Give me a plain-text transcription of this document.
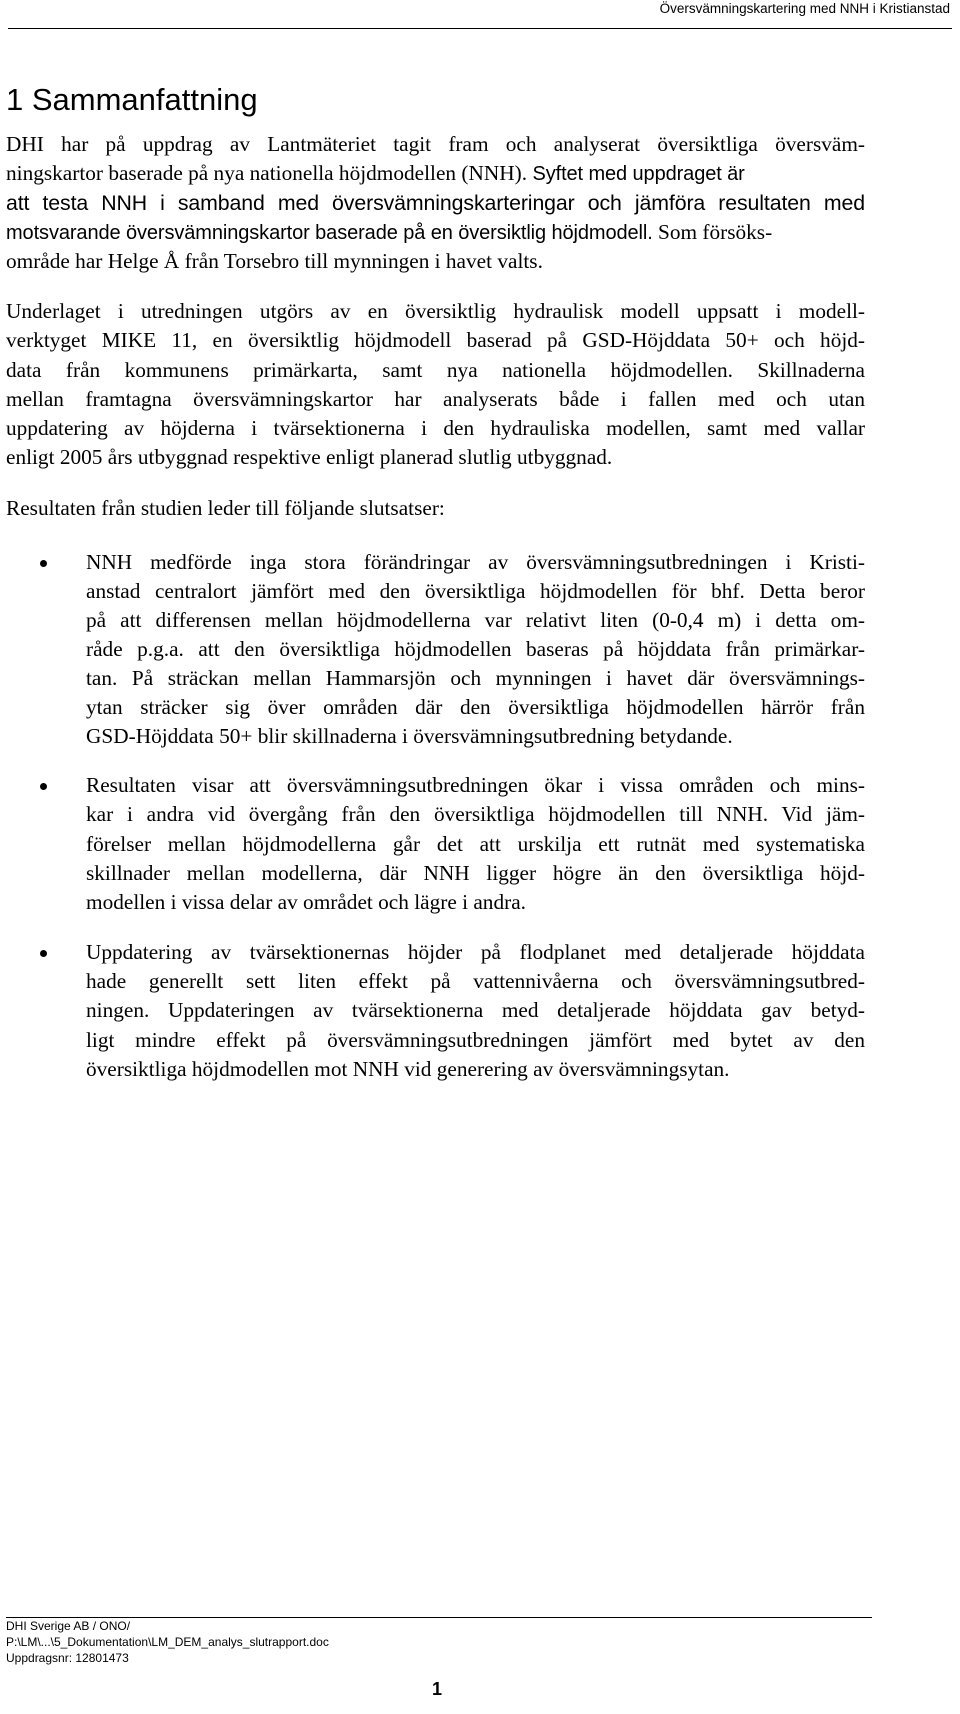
Översvämningskartering med NNH i Kristianstad
1 Sammanfattning
DHI har på uppdrag av Lantmäteriet tagit fram och analyserat översiktliga översväm-
ningskartor baserade på nya nationella höjdmodellen (NNH). Syftet med uppdraget är
att testa NNH i samband med översvämningskarteringar och jämföra resultaten med
motsvarande översvämningskartor baserade på en översiktlig höjdmodell. Som försöks-
område har Helge Å från Torsebro till mynningen i havet valts.
Underlaget i utredningen utgörs av en översiktlig hydraulisk modell uppsatt i modell-
verktyget MIKE 11, en översiktlig höjdmodell baserad på GSD-Höjddata 50+ och höjd-
data från kommunens primärkarta, samt nya nationella höjdmodellen. Skillnaderna
mellan framtagna översvämningskartor har analyserats både i fallen med och utan
uppdatering av höjderna i tvärsektionerna i den hydrauliska modellen, samt med vallar
enligt 2005 års utbyggnad respektive enligt planerad slutlig utbyggnad.
Resultaten från studien leder till följande slutsatser:
NNH medförde inga stora förändringar av översvämningsutbredningen i Kristi-
anstad centralort jämfört med den översiktliga höjdmodellen för bhf. Detta beror
på att differensen mellan höjdmodellerna var relativt liten (0-0,4 m) i detta om-
råde p.g.a. att den översiktliga höjdmodellen baseras på höjddata från primärkar-
tan. På sträckan mellan Hammarsjön och mynningen i havet där översvämnings-
ytan sträcker sig över områden där den översiktliga höjdmodellen härrör från
GSD-Höjddata 50+ blir skillnaderna i översvämningsutbredning betydande.
Resultaten visar att översvämningsutbredningen ökar i vissa områden och mins-
kar i andra vid övergång från den översiktliga höjdmodellen till NNH. Vid jäm-
förelser mellan höjdmodellerna går det att urskilja ett rutnät med systematiska
skillnader mellan modellerna, där NNH ligger högre än den översiktliga höjd-
modellen i vissa delar av området och lägre i andra.
Uppdatering av tvärsektionernas höjder på flodplanet med detaljerade höjddata
hade generellt sett liten effekt på vattennivåerna och översvämningsutbred-
ningen. Uppdateringen av tvärsektionerna med detaljerade höjddata gav betyd-
ligt mindre effekt på översvämningsutbredningen jämfört med bytet av den
översiktliga höjdmodellen mot NNH vid generering av översvämningsytan.
DHI Sverige AB / ONO/
P:\LM\...\5_Dokumentation\LM_DEM_analys_slutrapport.doc
Uppdragsnr: 12801473
1
